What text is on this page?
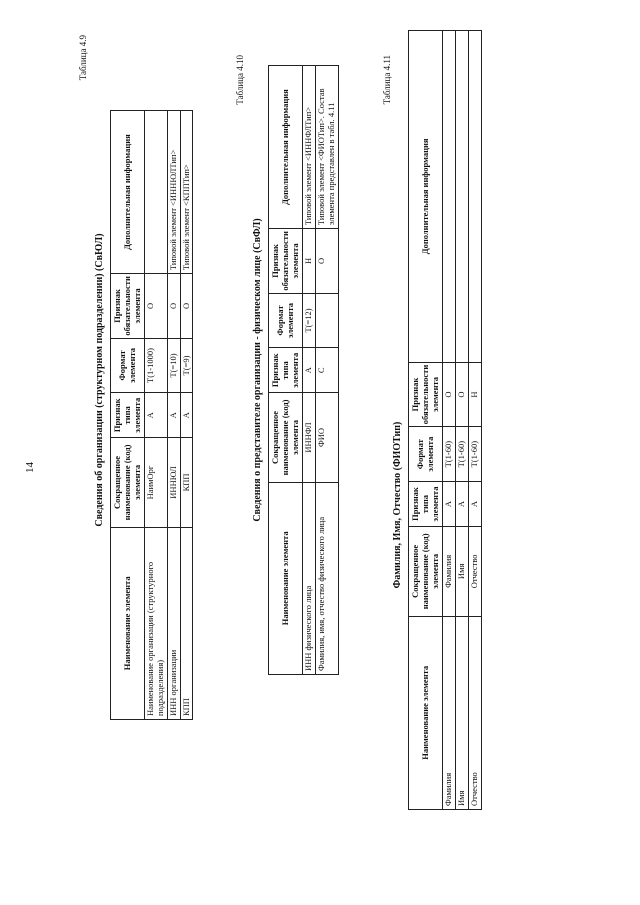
14
Таблица 4.9
Сведения об организации (структурном подразделении) (СвЮЛ)
Наименование элемента	Сокращенное наименование (код) элемента	Признак типа элемента	Формат элемента	Признак обязательности элемента	Дополнительная информация
Наименование организации (структурного подразделения)	НаимОрг	А	Т(1-1000)	О	
ИНН организации	ИННЮЛ	А	Т(=10)	О	Типовой элемент <ИННЮЛТип>
КПП	КПП	А	Т(=9)	О	Типовой элемент <КППТип>
Таблица 4.10
Сведения о представителе организации - физическом лице (СвФЛ)
Наименование элемента	Сокращенное наименование (код) элемента	Признак типа элемента	Формат элемента	Признак обязательности элемента	Дополнительная информация
ИНН физического лица	ИННФЛ	А	Т(=12)	Н	Типовой элемент <ИННФЛТип>
Фамилия, имя, отчество физического лица	ФИО	С		О	Типовой элемент <ФИОТип>. Состав элемента представлен в табл. 4.11
Таблица 4.11
Фамилия, Имя, Отчество (ФИОТип)
Наименование элемента	Сокращенное наименование (код) элемента	Признак типа элемента	Формат элемента	Признак обязательности элемента	Дополнительная информация
Фамилия	Фамилия	А	Т(1-60)	О	
Имя	Имя	А	Т(1-60)	О	
Отчество	Отчество	А	Т(1-60)	Н	
